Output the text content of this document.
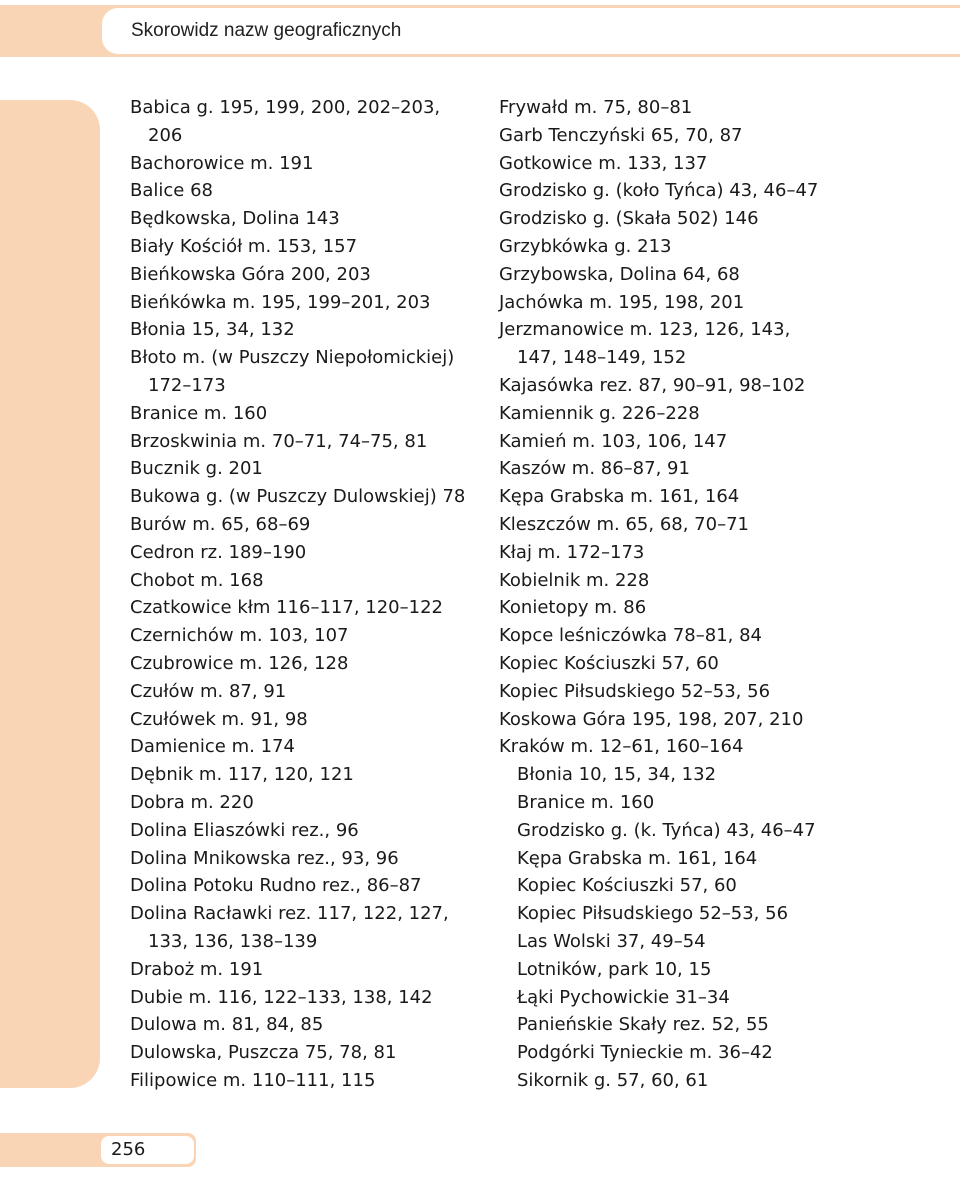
Skorowidz nazw geograficznych
Babica g. 195, 199, 200, 202–203,
206
Bachorowice m. 191
Balice 68
Będkowska, Dolina 143
Biały Kościół m. 153, 157
Bieńkowska Góra 200, 203
Bieńkówka m. 195, 199–201, 203
Błonia 15, 34, 132
Błoto m. (w Puszczy Niepołomickiej)
172–173
Branice m. 160
Brzoskwinia m. 70–71, 74–75, 81
Bucznik g. 201
Bukowa g. (w Puszczy Dulowskiej) 78
Burów m. 65, 68–69
Cedron rz. 189–190
Chobot m. 168
Czatkowice kłm 116–117, 120–122
Czernichów m. 103, 107
Czubrowice m. 126, 128
Czułów m. 87, 91
Czułówek m. 91, 98
Damienice m. 174
Dębnik m. 117, 120, 121
Dobra m. 220
Dolina Eliaszówki rez., 96
Dolina Mnikowska rez., 93, 96
Dolina Potoku Rudno rez., 86–87
Dolina Racławki rez. 117, 122, 127,
133, 136, 138–139
Draboż m. 191
Dubie m. 116, 122–133, 138, 142
Dulowa m. 81, 84, 85
Dulowska, Puszcza 75, 78, 81
Filipowice m. 110–111, 115
Frywałd m. 75, 80–81
Garb Tenczyński 65, 70, 87
Gotkowice m. 133, 137
Grodzisko g. (koło Tyńca) 43, 46–47
Grodzisko g. (Skała 502) 146
Grzybkówka g. 213
Grzybowska, Dolina 64, 68
Jachówka m. 195, 198, 201
Jerzmanowice m. 123, 126, 143,
147, 148–149, 152
Kajasówka rez. 87, 90–91, 98–102
Kamiennik g. 226–228
Kamień m. 103, 106, 147
Kaszów m. 86–87, 91
Kępa Grabska m. 161, 164
Kleszczów m. 65, 68, 70–71
Kłaj m. 172–173
Kobielnik m. 228
Konietopy m. 86
Kopce leśniczówka 78–81, 84
Kopiec Kościuszki 57, 60
Kopiec Piłsudskiego 52–53, 56
Koskowa Góra 195, 198, 207, 210
Kraków m. 12–61, 160–164
Błonia 10, 15, 34, 132
Branice m. 160
Grodzisko g. (k. Tyńca) 43, 46–47
Kępa Grabska m. 161, 164
Kopiec Kościuszki 57, 60
Kopiec Piłsudskiego 52–53, 56
Las Wolski 37, 49–54
Lotników, park 10, 15
Łąki Pychowickie 31–34
Panieńskie Skały rez. 52, 55
Podgórki Tynieckie m. 36–42
Sikornik g. 57, 60, 61
256
